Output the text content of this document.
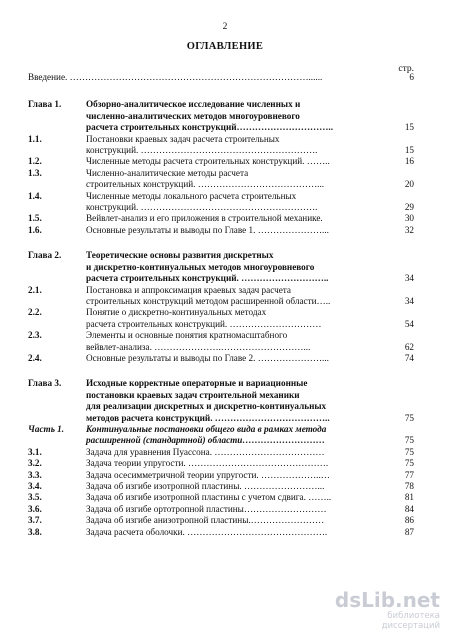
2
ОГЛАВЛЕНИЕ
стр.
Введение. ……………………………………………………………………......	6
Глава 1.	Обзорно-аналитическое исследование численных и
численно-аналитических методов многоуровневого
расчета строительных конструкций…………………………..	15
1.1.	Постановки краевых задач расчета строительных
конструкций. ………………………………………………….	15
1.2.	Численные методы расчета строительных конструкций. ……..	16
1.3.	Численно-аналитические методы расчета
строительных конструкций. …………………………………...	20
1.4.	Численные методы локального расчета строительных
конструкций. ………………………………………………….	29
1.5.	Вейвлет-анализ и его приложения в строительной механике.	30
1.6.	Основные результаты и выводы по Главе 1. …………………...	32
Глава 2.	Теоретические основы развития дискретных
и дискретно-континуальных методов многоуровневого
расчета строительных конструкций. ………………………..	34
2.1.	Постановка и аппроксимация краевых задач расчета
строительных конструкций методом расширенной области…..	34
2.2.	Понятие о дискретно-континуальных методах
расчета строительных конструкций. …………………………	54
2.3.	Элементы и основные понятия кратномасштабного
вейвлет-анализа. ………………….………………………...	62
2.4.	Основные результаты и выводы по Главе 2. …………………...	74
Глава 3.	Исходные корректные операторные и вариационные
постановки краевых задач строительной механики
для реализации дискретных и дискретно-континуальных
методов расчета конструкций. ………………………………..	75
Часть 1.	Континуальные постановки общего вида в рамках метода
расширенной (стандартной) области………………………	75
3.1.	Задача для уравнения Пуассона. ………………………………	75
3.2.	Задача теории упругости. ……………………………………….	75
3.3.	Задача осесимметричной теории упругости. ………………..…	77
3.4.	Задача об изгибе изотропной пластины. ……………………...	78
3.5.	Задача об изгибе изотропной пластины с учетом сдвига. ……..	81
3.6.	Задача об изгибе ортотропной пластины………………………	84
3.7.	Задача об изгибе анизотропной пластины.……………………	86
3.8.	Задача расчета оболочки. ……………………………………….	87
dsLib.net
библиотека диссертаций
